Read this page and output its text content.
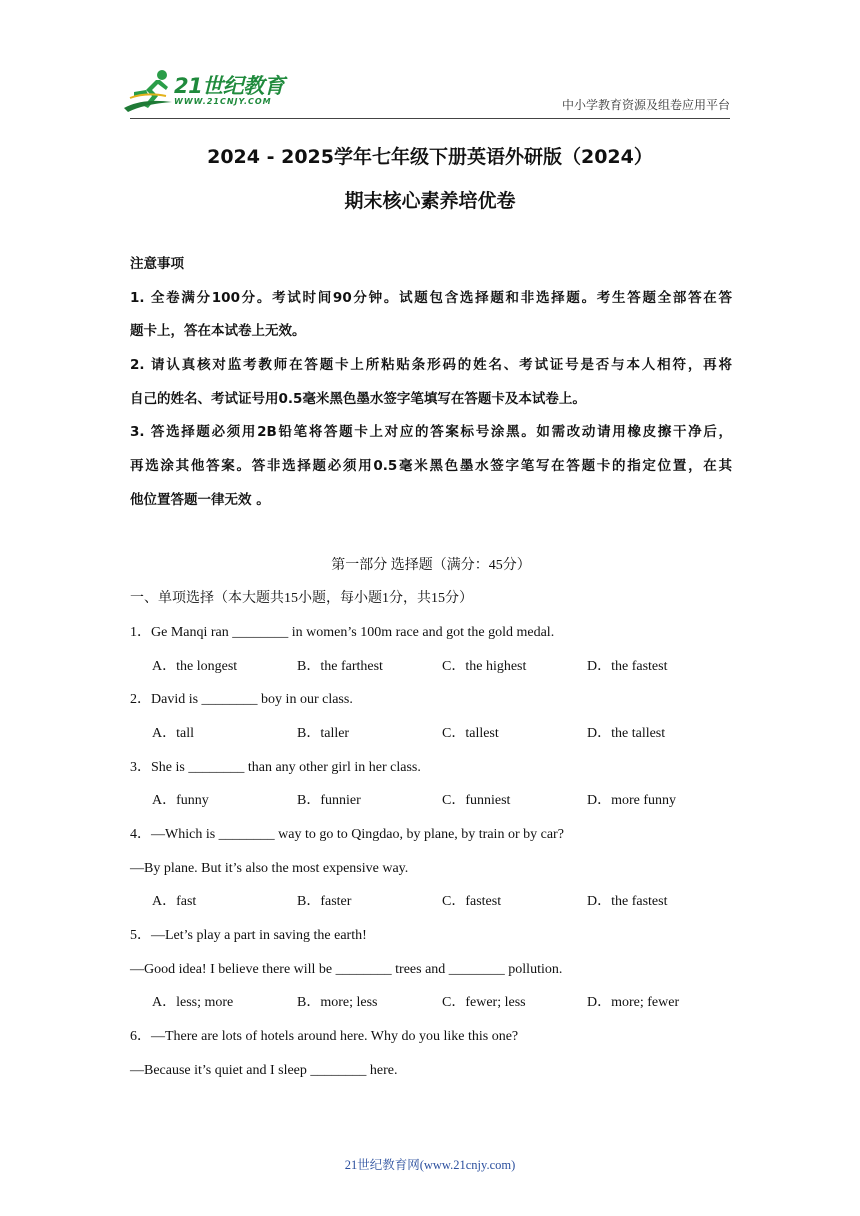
21世纪教育
WWW.21CNJY.COM	中小学教育资源及组卷应用平台
2024 - 2025学年七年级下册英语外研版（2024）
期末核心素养培优卷
注意事项
1. 全卷满分100分。考试时间90分钟。试题包含选择题和非选择题。考生答题全部答在答
题卡上，答在本试卷上无效。
2. 请认真核对监考教师在答题卡上所粘贴条形码的姓名、考试证号是否与本人相符，再将
自己的姓名、考试证号用0.5毫米黑色墨水签字笔填写在答题卡及本试卷上。
3. 答选择题必须用2B铅笔将答题卡上对应的答案标号涂黑。如需改动请用橡皮擦干净后，
再选涂其他答案。答非选择题必须用0.5毫米黑色墨水签字笔写在答题卡的指定位置，在其
他位置答题一律无效 。
第一部分 选择题（满分：45分）
一、单项选择（本大题共15小题，每小题1分，共15分）
1．Ge Manqi ran ________ in women’s 100m race and got the gold medal.
A．the longest	B．the farthest	C．the highest	D．the fastest
2．David is ________ boy in our class.
A．tall	B．taller	C．tallest	D．the tallest
3．She is ________ than any other girl in her class.
A．funny	B．funnier	C．funniest	D．more funny
4．—Which is ________ way to go to Qingdao, by plane, by train or by car?
—By plane. But it’s also the most expensive way.
A．fast	B．faster	C．fastest	D．the fastest
5．—Let’s play a part in saving the earth!
—Good idea! I believe there will be ________ trees and ________ pollution.
A．less; more	B．more; less	C．fewer; less	D．more; fewer
6．—There are lots of hotels around here. Why do you like this one?
—Because it’s quiet and I sleep ________ here.
21世纪教育网(www.21cnjy.com)
